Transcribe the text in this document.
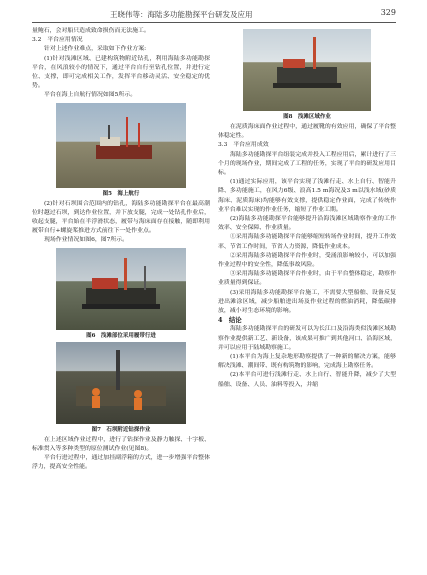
王晓伟等：海陆多功能勘探平台研发及应用	329

量鲍石，会对船只造成致命损伤而无法施工。

3.2　平台应用情况

针对上述作业难点，采取如下作业方案:

(1)针对浅滩区域、已建构筑物附近钻孔，利用海陆多功能勘探平台，在风浪较小的情况下，通过平台自行至钻孔位置，并进行定位、支撑，即可完成相关工作，发挥平台移动灵活、安全稳定的优势。

平台在海上自航行情况如图5所示。

图5　海上航行

(2)针对石坝围合范围内的钻孔，海陆多功能勘探平台在最高潮位时越过石坝，到达作业位置，并下放支腿，完成一处钻孔作业后，收起支腿，平台始在半浮滑状态，履带与海床面存在接触，随即利用履带自行+螺旋桨推进方式前往下一处作业点。

现场作业情况如图6，图7所示。

图6　浅滩部位采用履带行进
图7　石坝附近钻探作业

在上述区域作业过程中，进行了钻探作业及静力触探、十字板、标准贯入等多种类型的原位测试作业(见图8)。

平台行进过程中，通过加挂副浮箱的方式，进一步增强平台整体浮力，提高安全性能。

图8　浅滩区域作业

在泥质海床面作业过程中，通过履靴的有效应用，确保了平台整体稳定性。

3.3　平台应用成效

海陆多功能勘探平台组装完成并投入工程应用后，累计进行了三个月的现场作业，期间完成了工程的任务，实现了平台的研发应用目标。

(1)通过实际应用，该平台实现了浅滩行走、水上自行、智能升降、多功能施工，在风力6级、浪高1.5 m海况及3 m以浅水域(砂质海床、泥质海床)均能够有效支撑，提供稳定作业面，完成了传统作业平台难以实现的作业任务，缩短了作业工期。

(2)海陆多功能勘探平台能够提升沿海浅滩区域勘察作业的工作效率、安全保障、作业质量。

①采用海陆多功能勘探平台能够缩短转场作业时间，提升工作效率、节省工作时间，节省人力资源，降低作业成本。

②采用海陆多功能勘探平台作业时，受涌浪影响较小，可以加强作业过程中的安全性，降低事故风险。

③采用海陆多功能勘探平台作业时，由于平台整体稳定，勘察作业质量得到保证。

(3)采用海陆多功能勘探平台施工，不需要大型船舶、设备反复进出滩涂区域，减少船舶进出场及作业过程的燃油消耗，降低碳排放，减小对生态环境的影响。

4　结论

海陆多功能勘探平台的研发可以为长江口及沿海类似浅滩区域勘察作业提供新工艺、新设备，该成果可推广到其他河口、沿海区域，并可以应用于陆域勘察施工。

(1)本平台为海上复杂地形勘察提供了一种新的解决方案，能够解决浅滩、潮间带、既有构筑物的影响，完成海上勘察任务。

(2)本平台可进行浅滩行走、水上自行、智能升降，减少了大型船舶、设备、人员、油料等投入，并缩
